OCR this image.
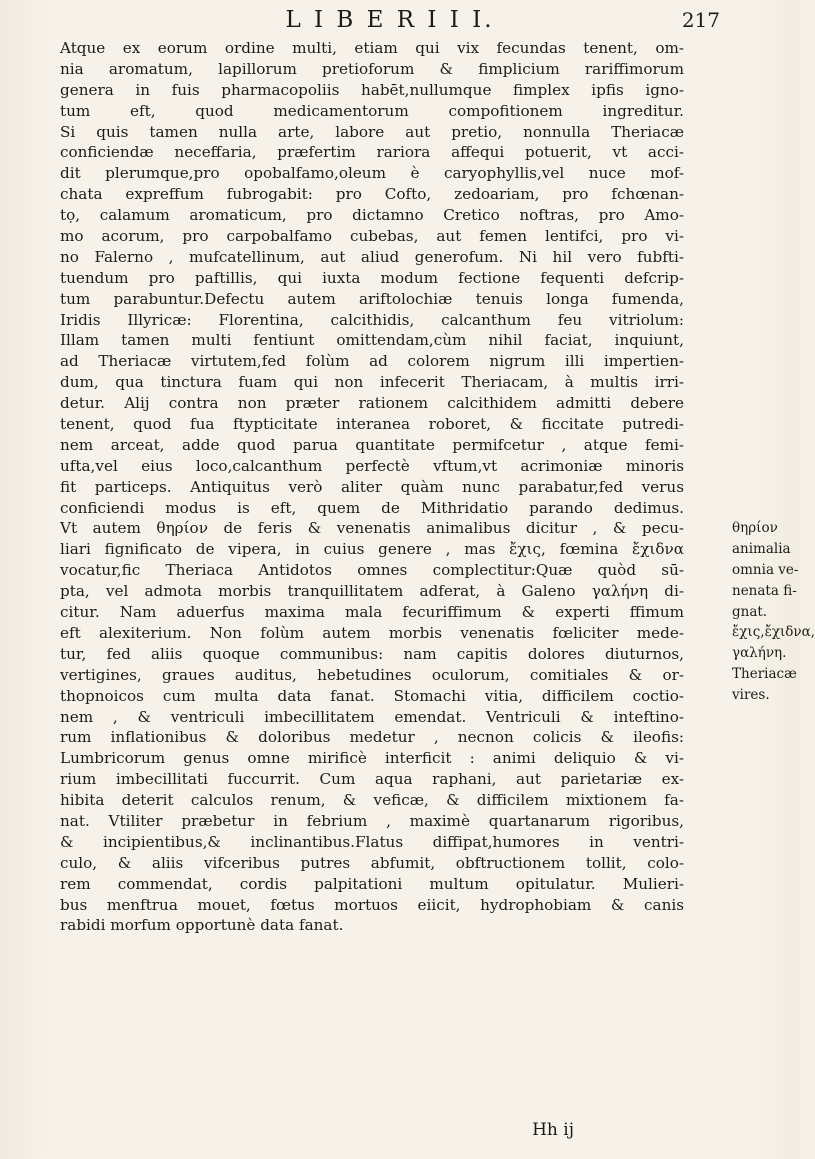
L I B E R I I I.	217
Atque ex eorum ordine multi, etiam qui vix fecundas tenent, om-
nia aromatum, lapillorum pretioforum & fimplicium rariffimorum
genera in fuis pharmacopoliis habēt,nullumque fimplex ipfis igno-
tum eft, quod medicamentorum compofitionem ingreditur.
Si quis tamen nulla arte, labore aut pretio, nonnulla Theriacæ
conficiendæ neceffaria, præfertim rariora affequi potuerit, vt acci-
dit plerumque,pro opobalfamo,oleum è caryophyllis,vel nuce mof-
chata expreffum fubrogabit: pro Cofto, zedoariam, pro fchœnan-
tọ, calamum aromaticum, pro dictamno Cretico noftras, pro Amo-
mo acorum, pro carpobalfamo cubebas, aut femen lentifci, pro vi-
no Falerno , mufcatellinum, aut aliud generofum. Ni hil vero fubfti-
tuendum pro paftillis, qui iuxta modum fectione fequenti defcrip-
tum parabuntur.Defectu autem ariftolochiæ tenuis longa fumenda,
Iridis Illyricæ: Florentina, calcithidis, calcanthum feu vitriolum:
Illam tamen multi fentiunt omittendam,cùm nihil faciat, inquiunt,
ad Theriacæ virtutem,fed folùm ad colorem nigrum illi impertien-
dum, qua tinctura fuam qui non infecerit Theriacam, à multis irri-
detur. Alij contra non præter rationem calcithidem admitti debere
tenent, quod fua ftypticitate interanea roboret, & ficcitate putredi-
nem arceat, adde quod parua quantitate permifcetur , atque femi-
ufta,vel eius loco,calcanthum perfectè vftum,vt acrimoniæ minoris
fit particeps. Antiquitus verò aliter quàm nunc parabatur,fed verus
conficiendi modus is eft, quem de Mithridatio parando dedimus.
Vt autem θηρίον de feris & venenatis animalibus dicitur , & pecu-
liari fignificato de vipera, in cuius genere , mas ἔχις, fœmina ἔχιδνα
vocatur,fic Theriaca Antidotos omnes complectitur:Quæ quòd sū-
pta, vel admota morbis tranquillitatem adferat, à Galeno γαλήνη di-
citur. Nam aduerfus maxima mala fecuriffimum & experti ffimum
eft alexiterium. Non folùm autem morbis venenatis fœliciter mede-
tur, fed aliis quoque communibus: nam capitis dolores diuturnos,
vertigines, graues auditus, hebetudines oculorum, comitiales & or-
thopnoicos cum multa data fanat. Stomachi vitia, difficilem coctio-
nem , & ventriculi imbecillitatem emendat. Ventriculi & inteftino-
rum inflationibus & doloribus medetur , necnon colicis & ileofis:
Lumbricorum genus omne mirificè interficit : animi deliquio & vi-
rium imbecillitati fuccurrit. Cum aqua raphani, aut parietariæ ex-
hibita deterit calculos renum, & veficæ, & difficilem mixtionem fa-
nat. Vtiliter præbetur in febrium , maximè quartanarum rigoribus,
& incipientibus,& inclinantibus.Flatus diffipat,humores in ventri-
culo, & aliis vifceribus putres abfumit, obftructionem tollit, colo-
rem commendat, cordis palpitationi multum opitulatur. Mulieri-
bus menftrua mouet, fœtus mortuos eiicit, hydrophobiam & canis
rabidi morfum opportunè data fanat.
θηρίον
animalia
omnia ve-
nenata fi-
gnat.
ἔχις,ἔχιδνα,
γαλήνη.
Theriacæ
vires.
Hh ij
